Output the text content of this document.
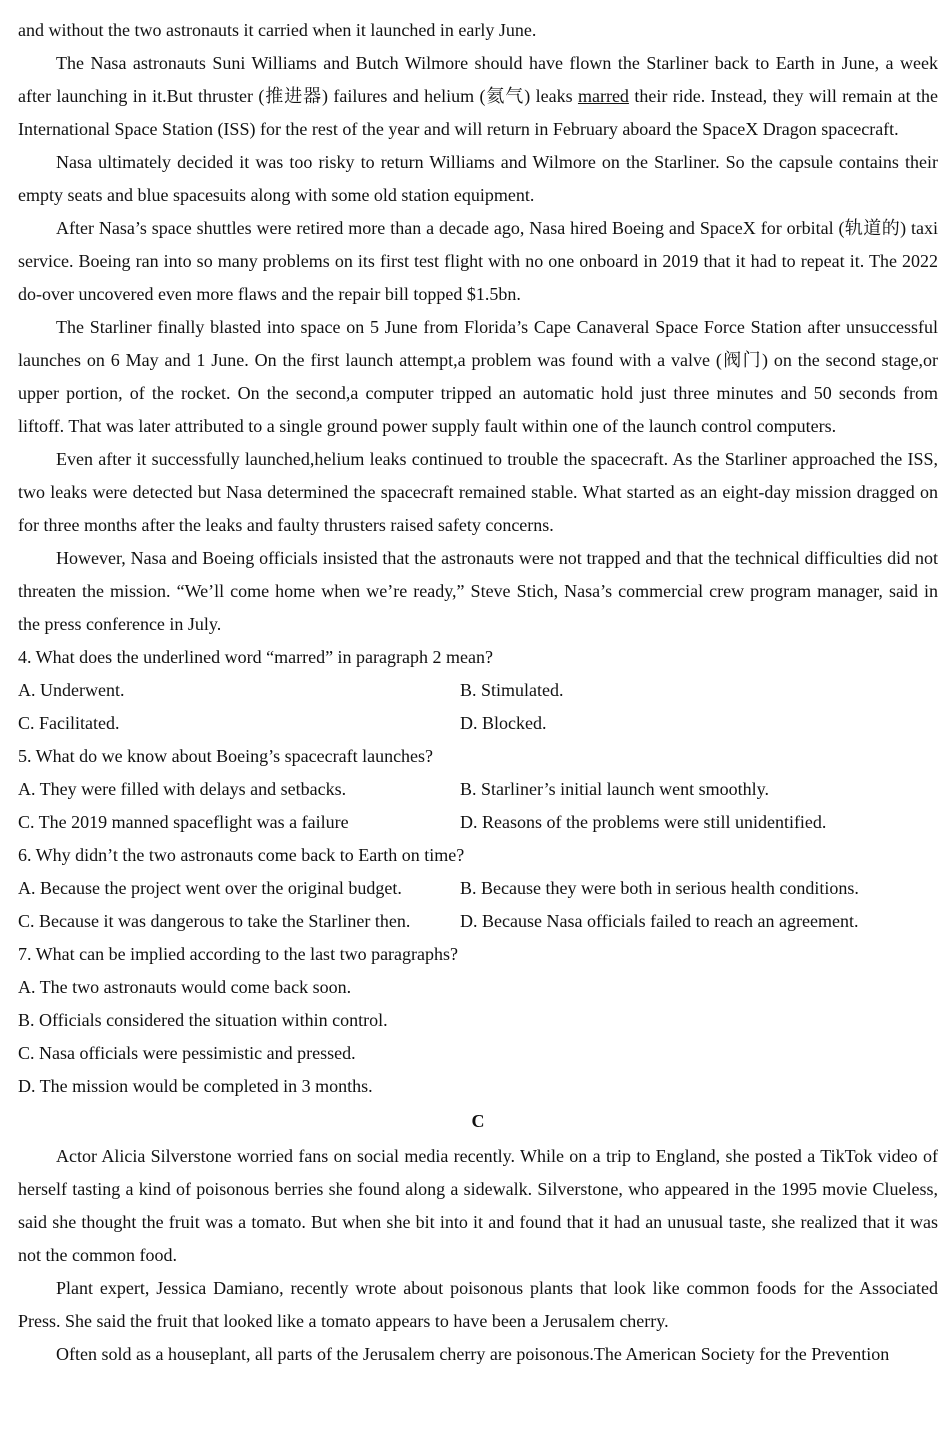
and without the two astronauts it carried when it launched in early June.

The Nasa astronauts Suni Williams and Butch Wilmore should have flown the Starliner back to Earth in June, a week after launching in it.But thruster (推进器) failures and helium (氦气) leaks marred their ride. Instead, they will remain at the International Space Station (ISS) for the rest of the year and will return in February aboard the SpaceX Dragon spacecraft.

Nasa ultimately decided it was too risky to return Williams and Wilmore on the Starliner. So the capsule contains their empty seats and blue spacesuits along with some old station equipment.

After Nasa’s space shuttles were retired more than a decade ago, Nasa hired Boeing and SpaceX for orbital (轨道的) taxi service. Boeing ran into so many problems on its first test flight with no one onboard in 2019 that it had to repeat it. The 2022 do-over uncovered even more flaws and the repair bill topped $1.5bn.

The Starliner finally blasted into space on 5 June from Florida’s Cape Canaveral Space Force Station after unsuccessful launches on 6 May and 1 June. On the first launch attempt,a problem was found with a valve (阀门) on the second stage,or upper portion, of the rocket. On the second,a computer tripped an automatic hold just three minutes and 50 seconds from liftoff. That was later attributed to a single ground power supply fault within one of the launch control computers.

Even after it successfully launched,helium leaks continued to trouble the spacecraft. As the Starliner approached the ISS, two leaks were detected but Nasa determined the spacecraft remained stable. What started as an eight-day mission dragged on for three months after the leaks and faulty thrusters raised safety concerns.

However, Nasa and Boeing officials insisted that the astronauts were not trapped and that the technical difficulties did not threaten the mission. “We’ll come home when we’re ready,” Steve Stich, Nasa’s commercial crew program manager, said in the press conference in July.

4. What does the underlined word “marred” in paragraph 2 mean?

A. Underwent.	B. Stimulated.
C. Facilitated.	D. Blocked.

5. What do we know about Boeing’s spacecraft launches?

A. They were filled with delays and setbacks.	B. Starliner’s initial launch went smoothly.
C. The 2019 manned spaceflight was a failure	D. Reasons of the problems were still unidentified.

6. Why didn’t the two astronauts come back to Earth on time?

A. Because the project went over the original budget.	B. Because they were both in serious health conditions.
C. Because it was dangerous to take the Starliner then.	D. Because Nasa officials failed to reach an agreement.

7. What can be implied according to the last two paragraphs?

A. The two astronauts would come back soon.
B. Officials considered the situation within control.
C. Nasa officials were pessimistic and pressed.
D. The mission would be completed in 3 months.
C

Actor Alicia Silverstone worried fans on social media recently. While on a trip to England, she posted a TikTok video of herself tasting a kind of poisonous berries she found along a sidewalk. Silverstone, who appeared in the 1995 movie Clueless, said she thought the fruit was a tomato. But when she bit into it and found that it had an unusual taste, she realized that it was not the common food.

Plant expert, Jessica Damiano, recently wrote about poisonous plants that look like common foods for the Associated Press. She said the fruit that looked like a tomato appears to have been a Jerusalem cherry.

Often sold as a houseplant, all parts of the Jerusalem cherry are poisonous.The American Society for the Prevention
